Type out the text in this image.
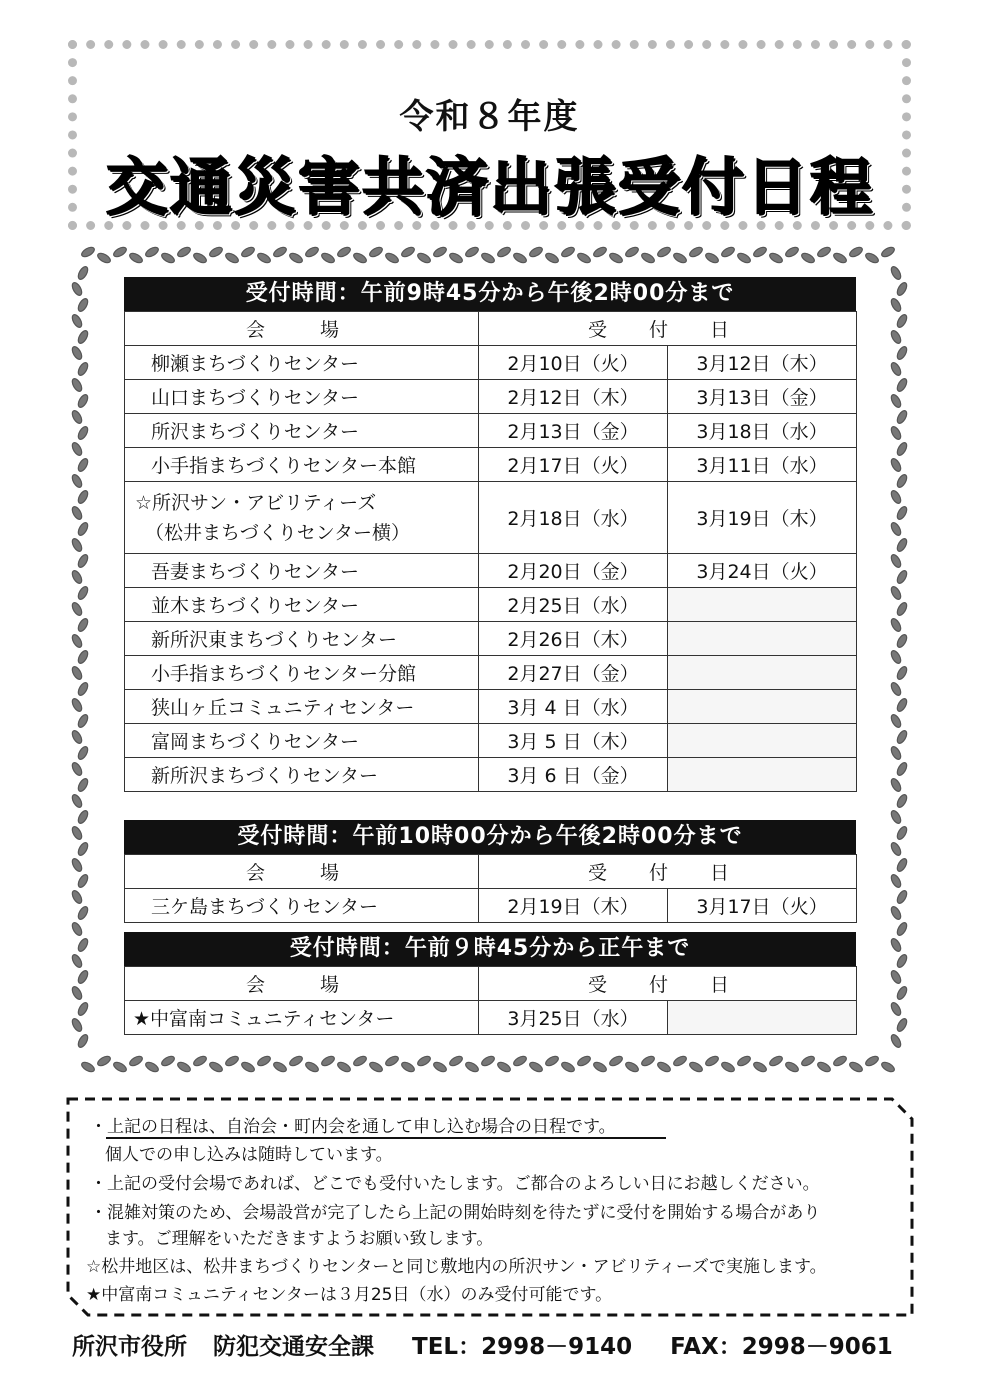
令和８年度
交通災害共済出張受付日程
受付時間：午前9時45分から午後2時00分まで
会　場	受 付 日	
柳瀬まちづくりセンター	2月10日（火）	3月12日（木）
山口まちづくりセンター	2月12日（木）	3月13日（金）
所沢まちづくりセンター	2月13日（金）	3月18日（水）
小手指まちづくりセンター本館	2月17日（火）	3月11日（水）

☆所沢サン・アビリティーズ
（松井まちづくりセンター横）	2月18日（水）	3月19日（木）
吾妻まちづくりセンター	2月20日（金）	3月24日（火）
並木まちづくりセンター	2月25日（水）	
新所沢東まちづくりセンター	2月26日（木）	
小手指まちづくりセンター分館	2月27日（金）	
狭山ヶ丘コミュニティセンター	3月 4 日（水）	
富岡まちづくりセンター	3月 5 日（木）	
新所沢まちづくりセンター	3月 6 日（金）	
受付時間：午前10時00分から午後2時00分まで
会　場	受 付 日	
三ケ島まちづくりセンター	2月19日（木）	3月17日（火）
受付時間：午前９時45分から正午まで
会　場	受 付 日	
★中富南コミュニティセンター	3月25日（水）	
・上記の日程は、自治会・町内会を通して申し込む場合の日程です。
個人での申し込みは随時しています。
・上記の受付会場であれば、どこでも受付いたします。ご都合のよろしい日にお越しください。
・混雑対策のため、会場設営が完了したら上記の開始時刻を待たずに受付を開始する場合があり
ます。ご理解をいただきますようお願い致します。
☆松井地区は、松井まちづくりセンターと同じ敷地内の所沢サン・アビリティーズで実施します。
★中富南コミュニティセンターは３月25日（水）のみ受付可能です。
所沢市役所 防犯交通安全課 TEL：2998－9140 FAX：2998－9061
